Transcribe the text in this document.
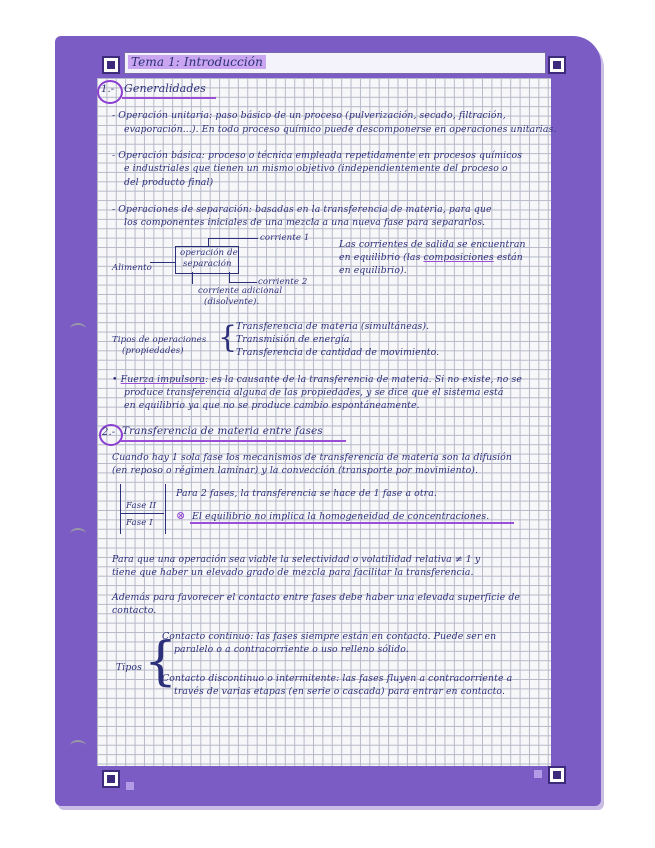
Tema 1: Introducción
1.- Generalidades
- Operación unitaria: paso básico de un proceso (pulverización, secado, filtración,
evaporación...). En todo proceso químico puede descomponerse en operaciones unitarias.
- Operación básica: proceso o técnica empleada repetidamente en procesos químicos
e industriales que tienen un mismo objetivo (independientemente del proceso o
del producto final)
- Operaciones de separación: basadas en la transferencia de materia, para que
los componentes iniciales de una mezcla a una nueva fase para separarlos.
operación de
separación
Alimento
corriente 1
corriente 2
corriente adicional
(disolvente).
Las corrientes de salida se encuentran
en equilibrio (las composiciones están
en equilibrio).
Tipos de operaciones
(propiedades) {
Transferencia de materia (simultáneas).
Transmisión de energía.
Transferencia de cantidad de movimiento.
• Fuerza impulsora: es la causante de la transferencia de materia. Si no existe, no se
produce transferencia alguna de las propiedades, y se dice que el sistema está
en equilibrio ya que no se produce cambio espontáneamente.
2.- Transferencia de materia entre fases
Cuando hay 1 sola fase los mecanismos de transferencia de materia son la difusión
(en reposo o régimen laminar) y la convección (transporte por movimiento).
Fase II
Fase I
Para 2 fases, la transferencia se hace de 1 fase a otra.
⊗ El equilibrio no implica la homogeneidad de concentraciones.
Para que una operación sea viable la selectividad o volatilidad relativa ≠ 1 y
tiene que haber un elevado grado de mezcla para facilitar la transferencia.
Además para favorecer el contacto entre fases debe haber una elevada superficie de
contacto.
Tipos {
Contacto continuo: las fases siempre están en contacto. Puede ser en
paralelo o a contracorriente o uso relleno sólido.
Contacto discontinuo o intermitente: las fases fluyen a contracorriente a
través de varias etapas (en serie o cascada) para entrar en contacto.
